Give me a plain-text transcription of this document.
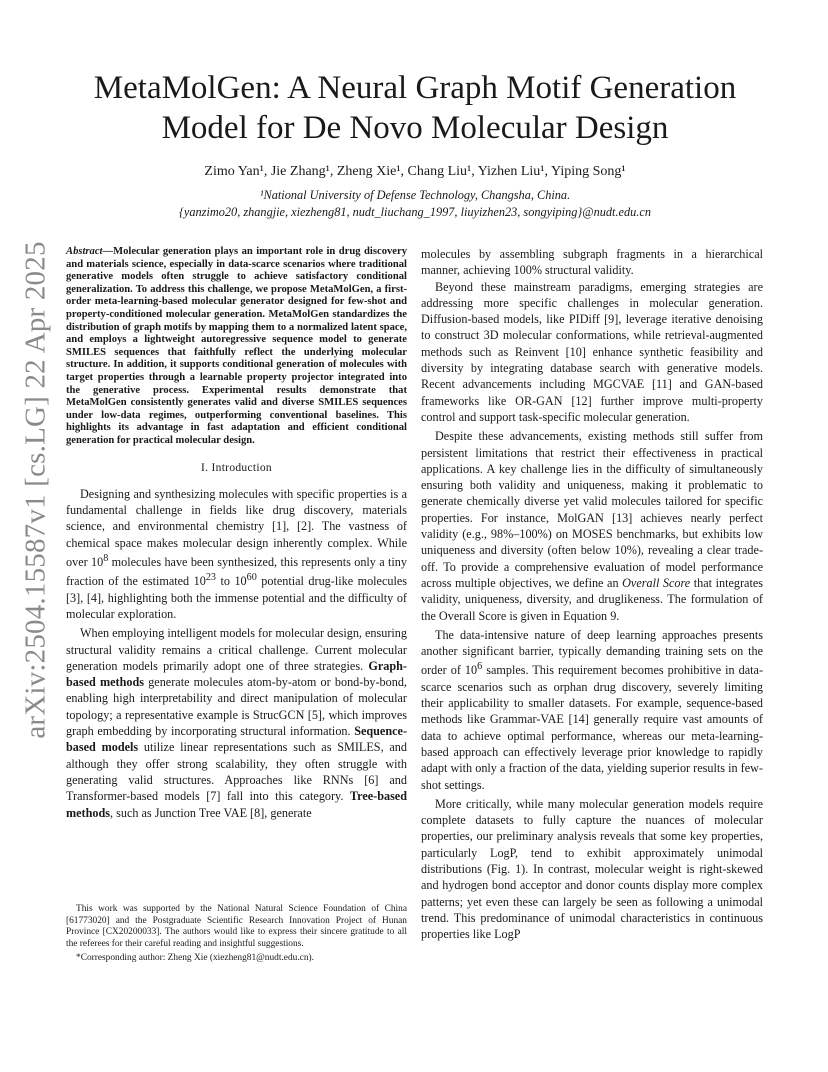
arXiv:2504.15587v1 [cs.LG] 22 Apr 2025
MetaMolGen: A Neural Graph Motif Generation Model for De Novo Molecular Design
Zimo Yan¹, Jie Zhang¹, Zheng Xie¹, Chang Liu¹, Yizhen Liu¹, Yiping Song¹
¹National University of Defense Technology, Changsha, China.
{yanzimo20, zhangjie, xiezheng81, nudt_liuchang_1997, liuyizhen23, songyiping}@nudt.edu.cn

Abstract—Molecular generation plays an important role in drug discovery and materials science, especially in data-scarce scenarios where traditional generative models often struggle to achieve satisfactory conditional generalization. To address this challenge, we propose MetaMolGen, a first-order meta-learning-based molecular generator designed for few-shot and property-conditioned molecular generation. MetaMolGen standardizes the distribution of graph motifs by mapping them to a normalized latent space, and employs a lightweight autoregressive sequence model to generate SMILES sequences that faithfully reflect the underlying molecular structure. In addition, it supports conditional generation of molecules with target properties through a learnable property projector integrated into the generative process. Experimental results demonstrate that MetaMolGen consistently generates valid and diverse SMILES sequences under low-data regimes, outperforming conventional baselines. This highlights its advantage in fast adaptation and efficient conditional generation for practical molecular design.

I. Introduction

Designing and synthesizing molecules with specific properties is a fundamental challenge in fields like drug discovery, materials science, and environmental chemistry [1], [2]. The vastness of chemical space makes molecular design inherently complex. While over $10^8$ molecules have been synthesized, this represents only a tiny fraction of the estimated $10^{23}$ to $10^{60}$ potential drug-like molecules [3], [4], highlighting both the immense potential and the difficulty of molecular exploration.

When employing intelligent models for molecular design, ensuring structural validity remains a critical challenge. Current molecular generation models primarily adopt one of three strategies. Graph-based methods generate molecules atom-by-atom or bond-by-bond, enabling high interpretability and direct manipulation of molecular topology; a representative example is StrucGCN [5], which improves graph embedding by incorporating structural information. Sequence-based models utilize linear representations such as SMILES, and although they offer strong scalability, they often struggle with generating valid structures. Approaches like RNNs [6] and Transformer-based models [7] fall into this category. Tree-based methods, such as Junction Tree VAE [8], generate

This work was supported by the National Natural Science Foundation of China [61773020] and the Postgraduate Scientific Research Innovation Project of Hunan Province [CX20200033]. The authors would like to express their sincere gratitude to all the referees for their careful reading and insightful suggestions.

*Corresponding author: Zheng Xie (xiezheng81@nudt.edu.cn).

molecules by assembling subgraph fragments in a hierarchical manner, achieving 100% structural validity.

Beyond these mainstream paradigms, emerging strategies are addressing more specific challenges in molecular generation. Diffusion-based models, like PIDiff [9], leverage iterative denoising to construct 3D molecular conformations, while retrieval-augmented methods such as Reinvent [10] enhance synthetic feasibility and diversity by integrating database search with generative models. Recent advancements including MGCVAE [11] and GAN-based frameworks like OR-GAN [12] further improve multi-property control and support task-specific molecular generation.

Despite these advancements, existing methods still suffer from persistent limitations that restrict their effectiveness in practical applications. A key challenge lies in the difficulty of simultaneously ensuring both validity and uniqueness, making it problematic to generate chemically diverse yet valid molecules tailored for specific properties. For instance, MolGAN [13] achieves nearly perfect validity (e.g., 98%–100%) on MOSES benchmarks, but exhibits low uniqueness and diversity (often below 10%), revealing a clear trade-off. To provide a comprehensive evaluation of model performance across multiple objectives, we define an Overall Score that integrates validity, uniqueness, diversity, and druglikeness. The formulation of the Overall Score is given in Equation 9.

The data-intensive nature of deep learning approaches presents another significant barrier, typically demanding training sets on the order of $10^6$ samples. This requirement becomes prohibitive in data-scarce scenarios such as orphan drug discovery, severely limiting their applicability to smaller datasets. For example, sequence-based methods like Grammar-VAE [14] generally require vast amounts of data to achieve optimal performance, whereas our meta-learning-based approach can effectively leverage prior knowledge to rapidly adapt with only a fraction of the data, yielding superior results in few-shot settings.

More critically, while many molecular generation models require complete datasets to fully capture the nuances of molecular properties, our preliminary analysis reveals that some key properties, particularly LogP, tend to exhibit approximately unimodal distributions (Fig. 1). In contrast, molecular weight is right-skewed and hydrogen bond acceptor and donor counts display more complex patterns; yet even these can largely be seen as following a unimodal trend. This predominance of unimodal characteristics in continuous properties like LogP
